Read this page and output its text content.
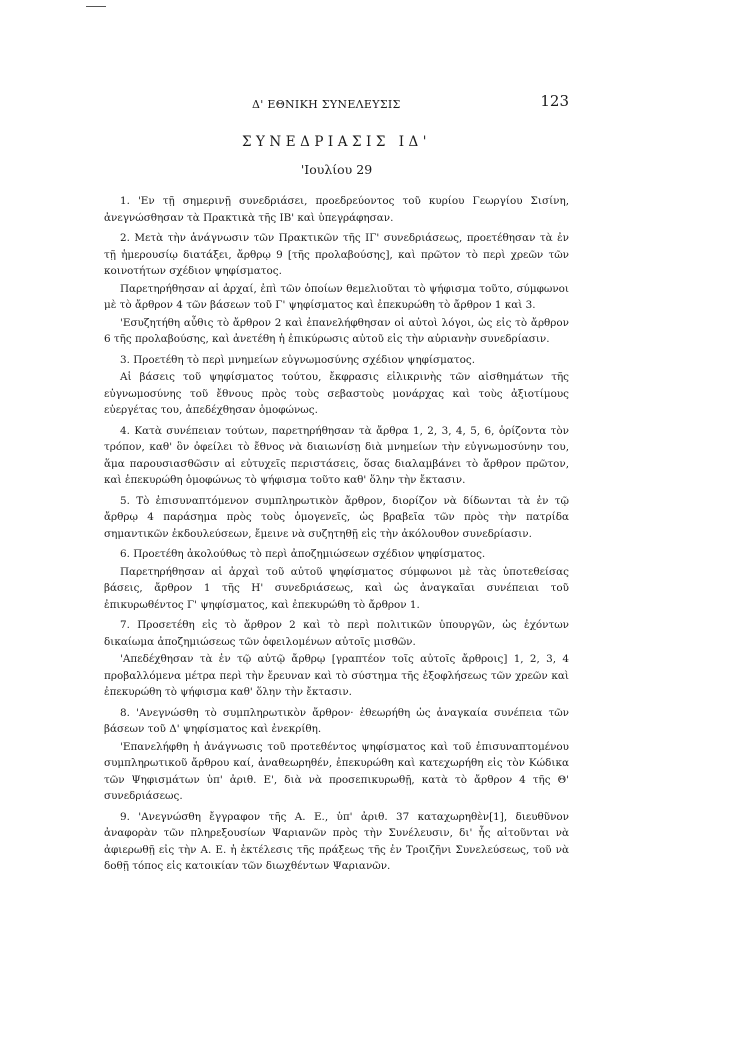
Δ' ΕΘΝΙΚΗ ΣΥΝΕΛΕΥΣΙΣ	123
ΣΥΝΕΔΡΙΑΣΙΣ ΙΔ'
'Ιουλίου 29

1. 'Εν τῇ σημερινῇ συνεδριάσει, προεδρεύοντος τοῦ κυρίου Γεωργίου Σισίνη, ἀνεγνώσθησαν τὰ Πρακτικὰ τῆς ΙΒ' καὶ ὑπεγράφησαν.

2. Μετὰ τὴν ἀνάγνωσιν τῶν Πρακτικῶν τῆς ΙΓ' συνεδριάσεως, προετέθησαν τὰ ἐν τῇ ἡμερουσίῳ διατάξει, ἄρθρῳ 9 [τῆς προλαβούσης], καὶ πρῶτον τὸ περὶ χρεῶν τῶν κοινοτήτων σχέδιον ψηφίσματος.

Παρετηρήθησαν αἱ ἀρχαί, ἐπὶ τῶν ὁποίων θεμελιοῦται τὸ ψήφισμα τοῦτο, σύμφωνοι μὲ τὸ ἄρθρον 4 τῶν βάσεων τοῦ Γ' ψηφίσματος καὶ ἐπεκυρώθη τὸ ἄρθρον 1 καὶ 3.

'Εσυζητήθη αὖθις τὸ ἄρθρον 2 καὶ ἐπανελήφθησαν οἱ αὐτοὶ λόγοι, ὡς εἰς τὸ ἄρθρον 6 τῆς προλαβούσης, καὶ ἀνετέθη ἡ ἐπικύρωσις αὐτοῦ εἰς τὴν αὐριανὴν συνεδρίασιν.

3. Προετέθη τὸ περὶ μνημείων εὐγνωμοσύνης σχέδιον ψηφίσματος.

Αἱ βάσεις τοῦ ψηφίσματος τούτου, ἔκφρασις εἰλικρινὴς τῶν αἰσθημάτων τῆς εὐγνωμοσύνης τοῦ ἔθνους πρὸς τοὺς σεβαστοὺς μονάρχας καὶ τοὺς ἀξιοτίμους εὐεργέτας του, ἀπεδέχθησαν ὁμοφώνως.

4. Κατὰ συνέπειαν τούτων, παρετηρήθησαν τὰ ἄρθρα 1, 2, 3, 4, 5, 6, ὁρίζοντα τὸν τρόπον, καθ' ὃν ὀφείλει τὸ ἔθνος νὰ διαιωνίσῃ διὰ μνημείων τὴν εὐγνωμοσύνην του, ἅμα παρουσιασθῶσιν αἱ εὐτυχεῖς περιστάσεις, ὅσας διαλαμβάνει τὸ ἄρθρον πρῶτον, καὶ ἐπεκυρώθη ὁμοφώνως τὸ ψήφισμα τοῦτο καθ' ὅλην τὴν ἔκτασιν.

5. Τὸ ἐπισυναπτόμενον συμπληρωτικὸν ἄρθρον, διορίζον νὰ δίδωνται τὰ ἐν τῷ ἄρθρῳ 4 παράσημα πρὸς τοὺς ὁμογενεῖς, ὡς βραβεῖα τῶν πρὸς τὴν πατρίδα σημαντικῶν ἐκδουλεύσεων, ἔμεινε νὰ συζητηθῇ εἰς τὴν ἀκόλουθον συνεδρίασιν.

6. Προετέθη ἀκολούθως τὸ περὶ ἀποζημιώσεων σχέδιον ψηφίσματος.

Παρετηρήθησαν αἱ ἀρχαὶ τοῦ αὐτοῦ ψηφίσματος σύμφωνοι μὲ τὰς ὑποτεθείσας βάσεις, ἄρθρον 1 τῆς Η' συνεδριάσεως, καὶ ὡς ἀναγκαῖαι συνέπειαι τοῦ ἐπικυρωθέντος Γ' ψηφίσματος, καὶ ἐπεκυρώθη τὸ ἄρθρον 1.

7. Προσετέθη εἰς τὸ ἄρθρον 2 καὶ τὸ περὶ πολιτικῶν ὑπουργῶν, ὡς ἐχόντων δικαίωμα ἀποζημιώσεως τῶν ὀφειλομένων αὐτοῖς μισθῶν.

'Απεδέχθησαν τὰ ἐν τῷ αὐτῷ ἄρθρῳ [γραπτέον τοῖς αὐτοῖς ἄρθροις] 1, 2, 3, 4 προβαλλόμενα μέτρα περὶ τὴν ἔρευναν καὶ τὸ σύστημα τῆς ἐξοφλήσεως τῶν χρεῶν καὶ ἐπεκυρώθη τὸ ψήφισμα καθ' ὅλην τὴν ἔκτασιν.

8. 'Ανεγνώσθη τὸ συμπληρωτικὸν ἄρθρον· ἐθεωρήθη ὡς ἀναγκαία συνέπεια τῶν βάσεων τοῦ Δ' ψηφίσματος καὶ ἐνεκρίθη.

'Επανελήφθη ἡ ἀνάγνωσις τοῦ προτεθέντος ψηφίσματος καὶ τοῦ ἐπισυναπτομένου συμπληρωτικοῦ ἄρθρου καί, ἀναθεωρηθέν, ἐπεκυρώθη καὶ κατεχωρήθη εἰς τὸν Κώδικα τῶν Ψηφισμάτων ὑπ' ἀριθ. Ε', διὰ νὰ προσεπικυρωθῇ, κατὰ τὸ ἄρθρον 4 τῆς Θ' συνεδριάσεως.

9. 'Ανεγνώσθη ἔγγραφον τῆς Α. Ε., ὑπ' ἀριθ. 37 καταχωρηθὲν[1], διευθῦνον ἀναφορὰν τῶν πληρεξουσίων Ψαριανῶν πρὸς τὴν Συνέλευσιν, δι' ἧς αἰτοῦνται νὰ ἀφιερωθῇ εἰς τὴν Α. Ε. ἡ ἐκτέλεσις τῆς πράξεως τῆς ἐν Τροιζῆνι Συνελεύσεως, τοῦ νὰ δοθῇ τόπος εἰς κατοικίαν τῶν διωχθέντων Ψαριανῶν.
